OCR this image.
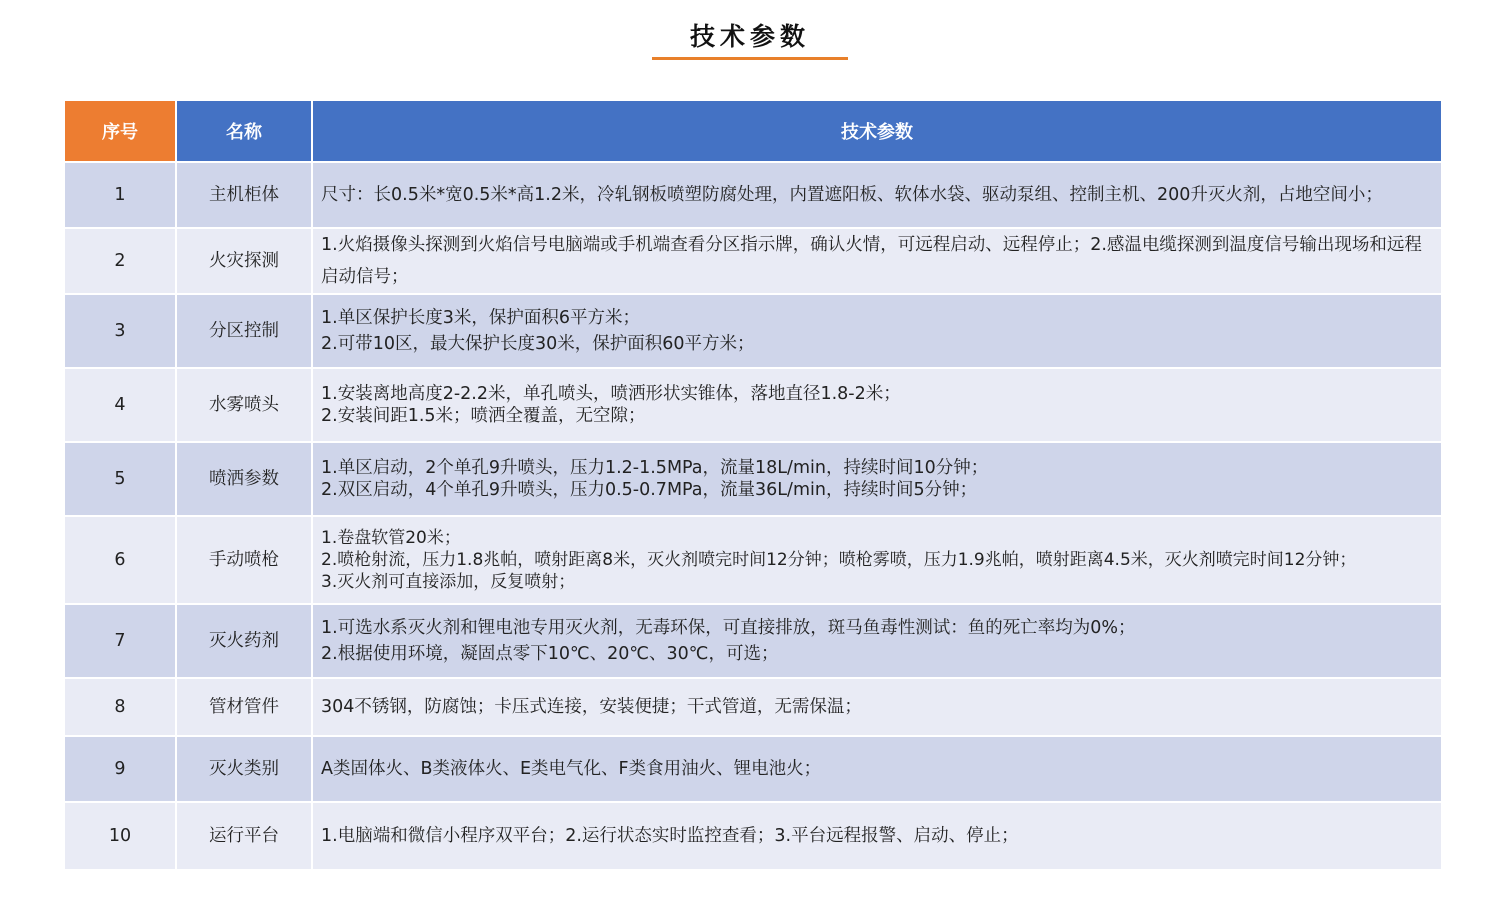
技术参数
序号	名称	技术参数
1	主机柜体	尺寸：长0.5米*宽0.5米*高1.2米，冷轧钢板喷塑防腐处理，内置遮阳板、软体水袋、驱动泵组、控制主机、200升灭火剂，占地空间小；
2	火灾探测	1.火焰摄像头探测到火焰信号电脑端或手机端查看分区指示牌，确认火情，可远程启动、远程停止；2.感温电缆探测到温度信号输出现场和远程启动信号；
3	分区控制	1.单区保护长度3米，保护面积6平方米；
2.可带10区，最大保护长度30米，保护面积60平方米；
4	水雾喷头	1.安装离地高度2-2.2米，单孔喷头，喷洒形状实锥体，落地直径1.8-2米；
2.安装间距1.5米；喷洒全覆盖，无空隙；
5	喷洒参数	1.单区启动，2个单孔9升喷头，压力1.2-1.5MPa，流量18L/min，持续时间10分钟；
2.双区启动，4个单孔9升喷头，压力0.5-0.7MPa，流量36L/min，持续时间5分钟；
6	手动喷枪	1.卷盘软管20米；
2.喷枪射流，压力1.8兆帕，喷射距离8米，灭火剂喷完时间12分钟；喷枪雾喷，压力1.9兆帕，喷射距离4.5米，灭火剂喷完时间12分钟；
3.灭火剂可直接添加，反复喷射；
7	灭火药剂	1.可选水系灭火剂和锂电池专用灭火剂，无毒环保，可直接排放，斑马鱼毒性测试：鱼的死亡率均为0%；
2.根据使用环境，凝固点零下10℃、20℃、30℃，可选；
8	管材管件	304不锈钢，防腐蚀；卡压式连接，安装便捷；干式管道，无需保温；
9	灭火类别	A类固体火、B类液体火、E类电气化、F类食用油火、锂电池火；
10	运行平台	1.电脑端和微信小程序双平台；2.运行状态实时监控查看；3.平台远程报警、启动、停止；
